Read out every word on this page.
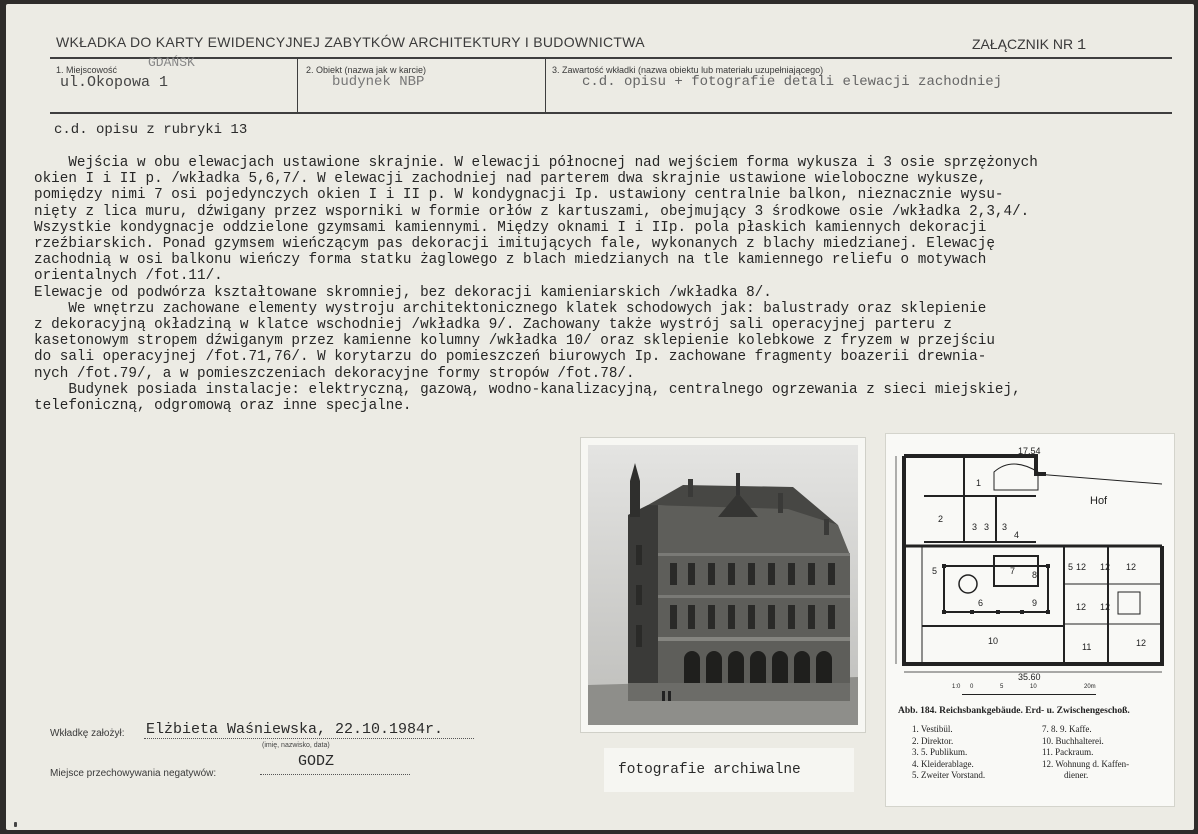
WKŁADKA DO KARTY EWIDENCYJNEJ ZABYTKÓW ARCHITEKTURY I BUDOWNICTWA	ZAŁĄCZNIK NR 1
1. Miejscowość GDAŃSK
ul.Okopowa 1
2. Obiekt (nazwa jak w karcie)
budynek NBP
3. Zawartość wkładki (nazwa obiektu lub materiału uzupełniającego)
c.d. opisu + fotografie detali elewacji zachodniej
c.d. opisu z rubryki 13
Wejścia w obu elewacjach ustawione skrajnie. W elewacji północnej nad wejściem forma wykusza i 3 osie sprzężonych
okien I i II p. /wkładka 5,6,7/. W elewacji zachodniej nad parterem dwa skrajnie ustawione wieloboczne wykusze,
pomiędzy nimi 7 osi pojedynczych okien I i II p. W kondygnacji Ip. ustawiony centralnie balkon, nieznacznie wysu-
nięty z lica muru, dźwigany przez wsporniki w formie orłów z kartuszami, obejmujący 3 środkowe osie /wkładka 2,3,4/.
Wszystkie kondygnacje oddzielone gzymsami kamiennymi. Między oknami I i IIp. pola płaskich kamiennych dekoracji
rzeźbiarskich. Ponad gzymsem wieńczącym pas dekoracji imitujących fale, wykonanych z blachy miedzianej. Elewację
zachodnią w osi balkonu wieńczy forma statku żaglowego z blach miedzianych na tle kamiennego reliefu o motywach
orientalnych /fot.11/.
Elewacje od podwórza kształtowane skromniej, bez dekoracji kamieniarskich /wkładka 8/.
We wnętrzu zachowane elementy wystroju architektonicznego klatek schodowych jak: balustrady oraz sklepienie
z dekoracyjną okładziną w klatce wschodniej /wkładka 9/. Zachowany także wystrój sali operacyjnej parteru z
kasetonowym stropem dźwiganym przez kamienne kolumny /wkładka 10/ oraz sklepienie kolebkowe z fryzem w przejściu
do sali operacyjnej /fot.71,76/. W korytarzu do pomieszczeń biurowych Ip. zachowane fragmenty boazerii drewnia-
nych /fot.79/, a w pomieszczeniach dekoracyjne formy stropów /fot.78/.
Budynek posiada instalacje: elektryczną, gazową, wodno-kanalizacyjną, centralnego ogrzewania z sieci miejskiej,
telefoniczną, odgromową oraz inne specjalne.
17.54
35.60
Hof
1
2
3 3 3
4
5
6
7 8
9
10
11
12 12 12
12 12
12
5
1:0 0	5	10	20m
Abb. 184. Reichsbankgebäude. Erd- u. Zwischengeschoß.
1. Vestibül.
2. Direktor.
3. 5. Publikum.
4. Kleiderablage.
5. Zweiter Vorstand.
7. 8. 9. Kaffe.
10. Buchhalterei.
11. Packraum.
12. Wohnung d. Kaffen-
diener.
Wkładkę założył: Elżbieta Waśniewska, 22.10.1984r.
(imię, nazwisko, data)
Miejsce przechowywania negatywów:
GODZ	fotografie archiwalne
